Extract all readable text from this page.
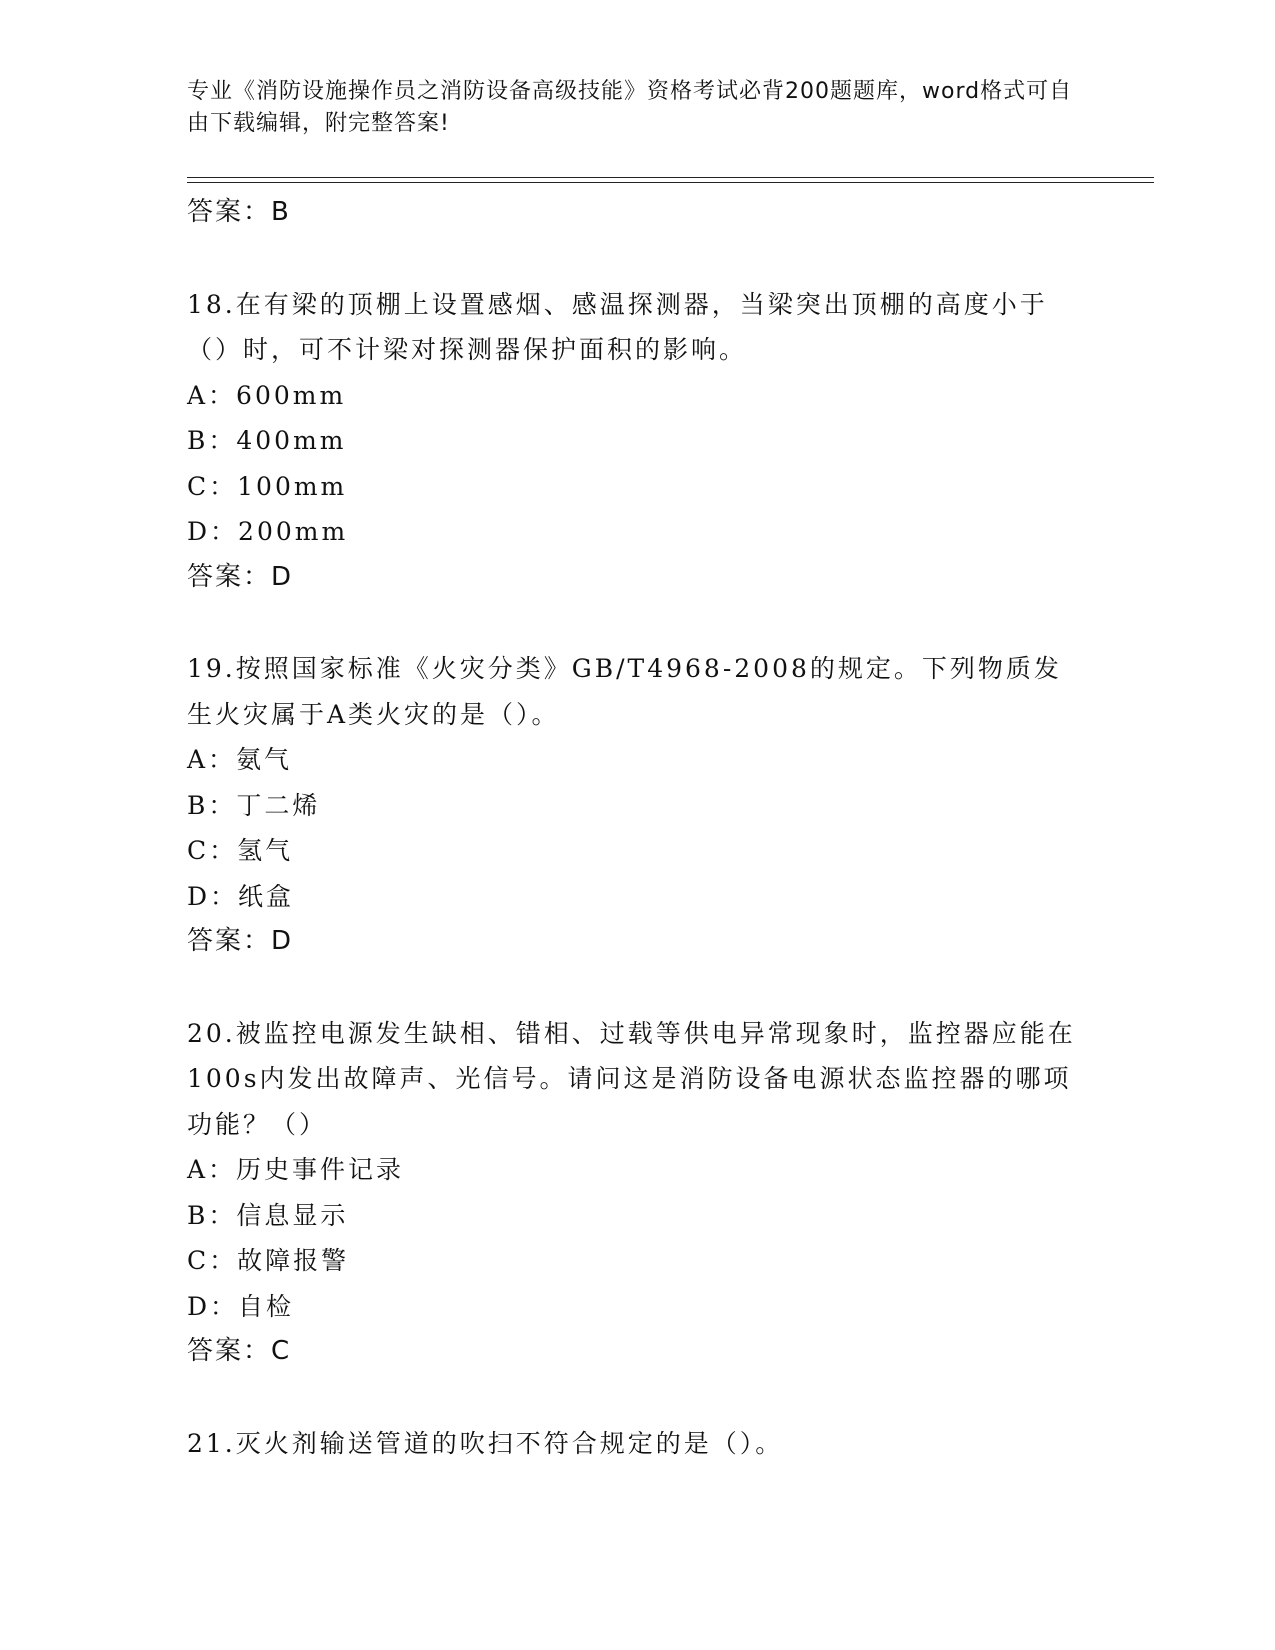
专业《消防设施操作员之消防设备高级技能》资格考试必背200题题库，word格式可自由下载编辑，附完整答案!
答案：B
18.在有梁的顶棚上设置感烟、感温探测器，当梁突出顶棚的高度小于（）时，可不计梁对探测器保护面积的影响。
A：600mm
B：400mm
C：100mm
D：200mm
答案：D
19.按照国家标准《火灾分类》GB/T4968-2008的规定。下列物质发生火灾属于A类火灾的是（）。
A：氨气
B：丁二烯
C：氢气
D：纸盒
答案：D
20.被监控电源发生缺相、错相、过载等供电异常现象时，监控器应能在100s内发出故障声、光信号。请问这是消防设备电源状态监控器的哪项功能？（）
A：历史事件记录
B：信息显示
C：故障报警
D：自检
答案：C
21.灭火剂输送管道的吹扫不符合规定的是（）。
